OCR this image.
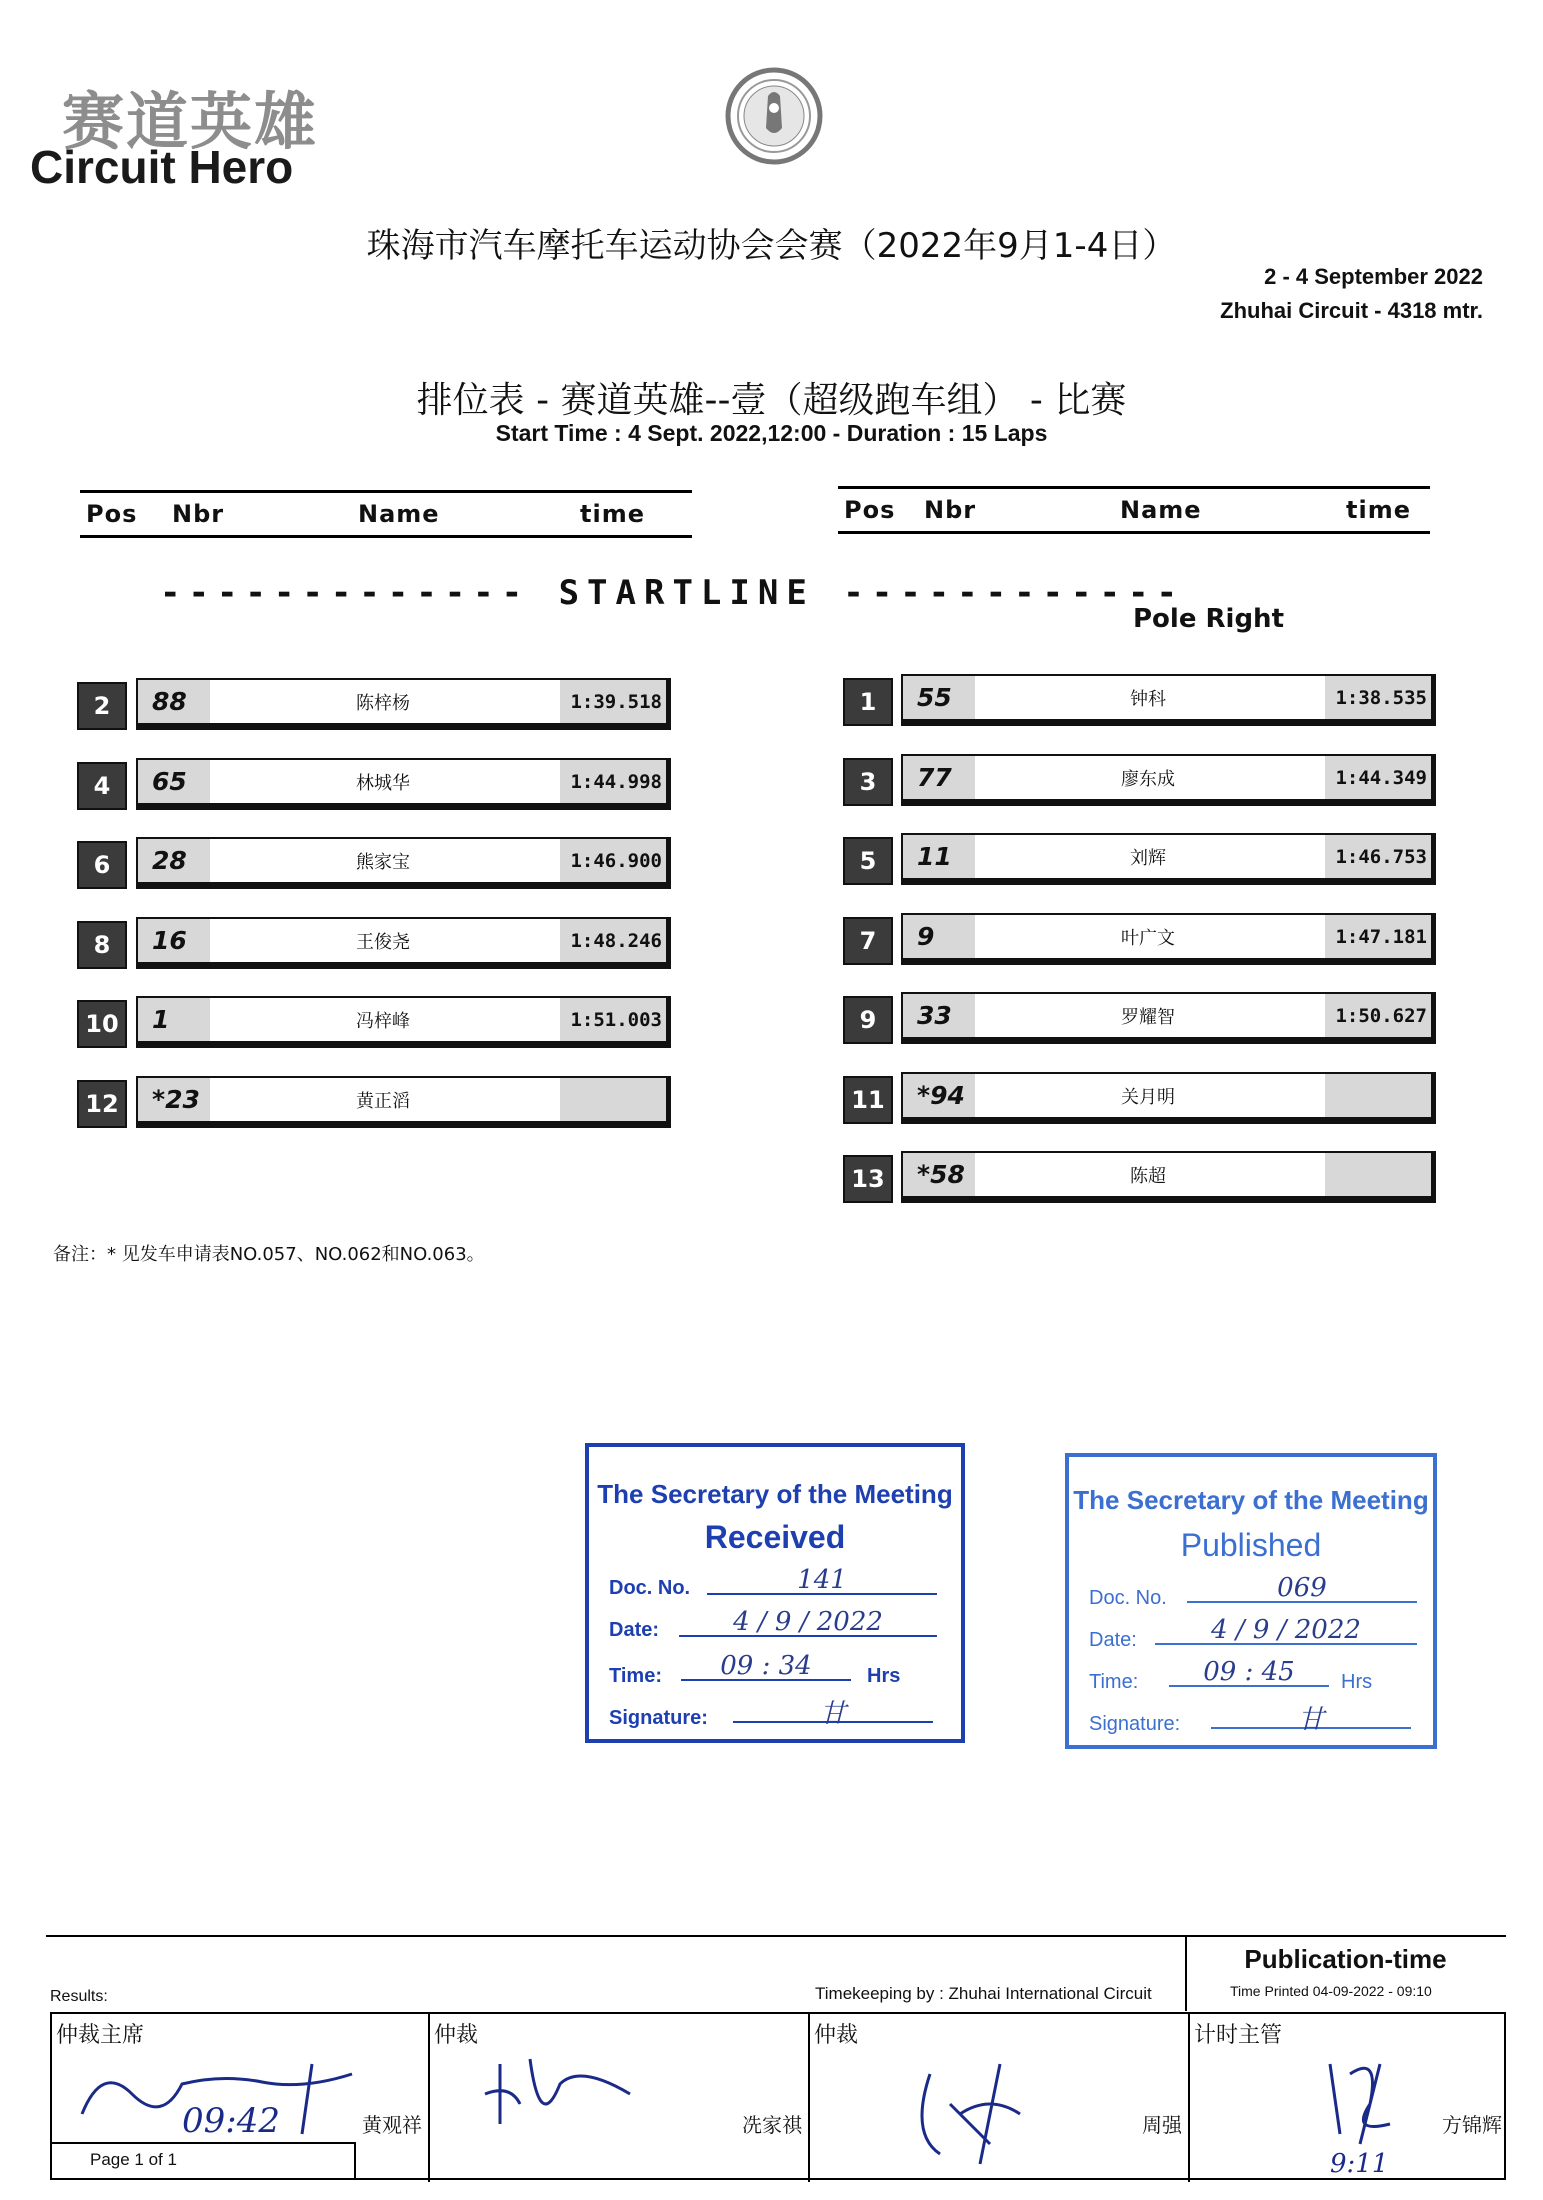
赛道英雄
Circuit Hero
珠海市汽车摩托车运动协会会赛（2022年9月1-4日）
2 - 4 September 2022
Zhuhai Circuit - 4318 mtr.
排位表 - 赛道英雄--壹（超级跑车组） - 比赛
Start Time : 4 Sept. 2022,12:00 - Duration : 15 Laps
Pos Nbr	Name	time	Pos Nbr	Name	time
------------- STARTLINE ------------
Pole Right
2	88	陈梓杨	1:39.518
4	65	林城华	1:44.998
6	28	熊家宝	1:46.900
8	16	王俊尧	1:48.246
10	1	冯梓峰	1:51.003
12	*23	黄正滔
1	55	钟科	1:38.535
3	77	廖东成	1:44.349
5	11	刘辉	1:46.753
7	9	叶广文	1:47.181
9	33	罗耀智	1:50.627
11	*94	关月明
13	*58	陈超
备注：* 见发车申请表NO.057、NO.062和NO.063。
The Secretary of the Meeting
Received
Doc. No.	141
Date:	4 / 9 / 2022
Time:	09 : 34	Hrs
Signature:	甘
The Secretary of the Meeting
Published
Doc. No.	069
Date:	4 / 9 / 2022
Time:	09 : 45	Hrs
Signature:	甘
Publication-time
Results:	Timekeeping by : Zhuhai International Circuit	Time Printed 04-09-2022 - 09:10
仲裁主席
09:42	黄观祥
仲裁
冼家祺
仲裁
周强
计时主管
9:11
方锦辉
Page 1 of 1
